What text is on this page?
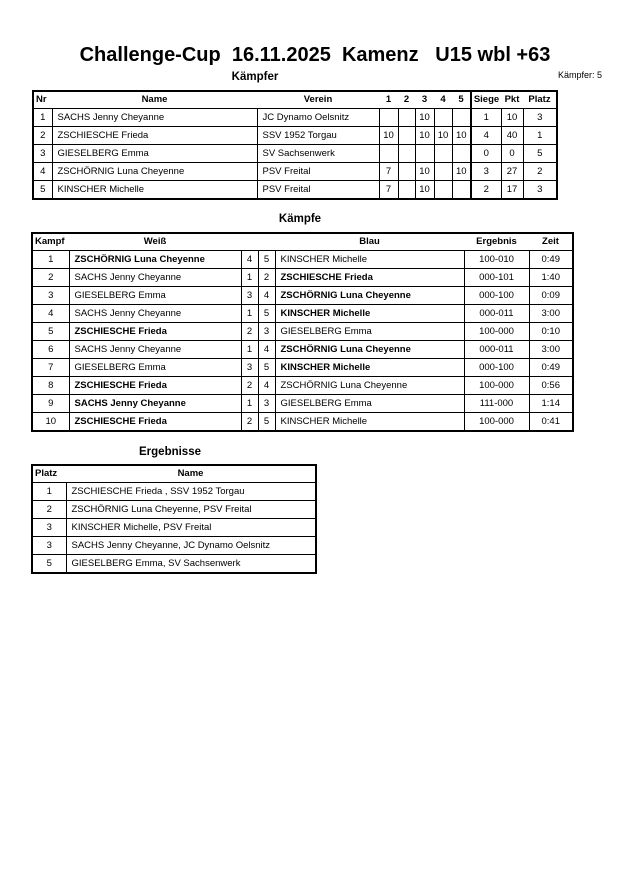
Challenge-Cup  16.11.2025  Kamenz   U15 wbl +63
Kämpfer	Kämpfer: 5
Nr	Name	Verein	1	2	3	4	5	Siege	Pkt	Platz
1	SACHS Jenny Cheyanne	JC Dynamo Oelsnitz			10			1	10	3
2	ZSCHIESCHE Frieda	SSV 1952 Torgau	10		10	10	10	4	40	1
3	GIESELBERG Emma	SV Sachsenwerk						0	0	5
4	ZSCHÖRNIG Luna Cheyenne	PSV Freital	7		10		10	3	27	2
5	KINSCHER Michelle	PSV Freital	7		10			2	17	3
Kämpfe
Kampf	Weiß			Blau	Ergebnis	Zeit
1	ZSCHÖRNIG Luna Cheyenne	4	5	KINSCHER Michelle	100-010	0:49
2	SACHS Jenny Cheyanne	1	2	ZSCHIESCHE Frieda	000-101	1:40
3	GIESELBERG Emma	3	4	ZSCHÖRNIG Luna Cheyenne	000-100	0:09
4	SACHS Jenny Cheyanne	1	5	KINSCHER Michelle	000-011	3:00
5	ZSCHIESCHE Frieda	2	3	GIESELBERG Emma	100-000	0:10
6	SACHS Jenny Cheyanne	1	4	ZSCHÖRNIG Luna Cheyenne	000-011	3:00
7	GIESELBERG Emma	3	5	KINSCHER Michelle	000-100	0:49
8	ZSCHIESCHE Frieda	2	4	ZSCHÖRNIG Luna Cheyenne	100-000	0:56
9	SACHS Jenny Cheyanne	1	3	GIESELBERG Emma	111-000	1:14
10	ZSCHIESCHE Frieda	2	5	KINSCHER Michelle	100-000	0:41
Ergebnisse
Platz	Name
1	ZSCHIESCHE Frieda , SSV 1952 Torgau
2	ZSCHÖRNIG Luna Cheyenne, PSV Freital
3	KINSCHER Michelle, PSV Freital
3	SACHS Jenny Cheyanne, JC Dynamo Oelsnitz
5	GIESELBERG Emma, SV Sachsenwerk
